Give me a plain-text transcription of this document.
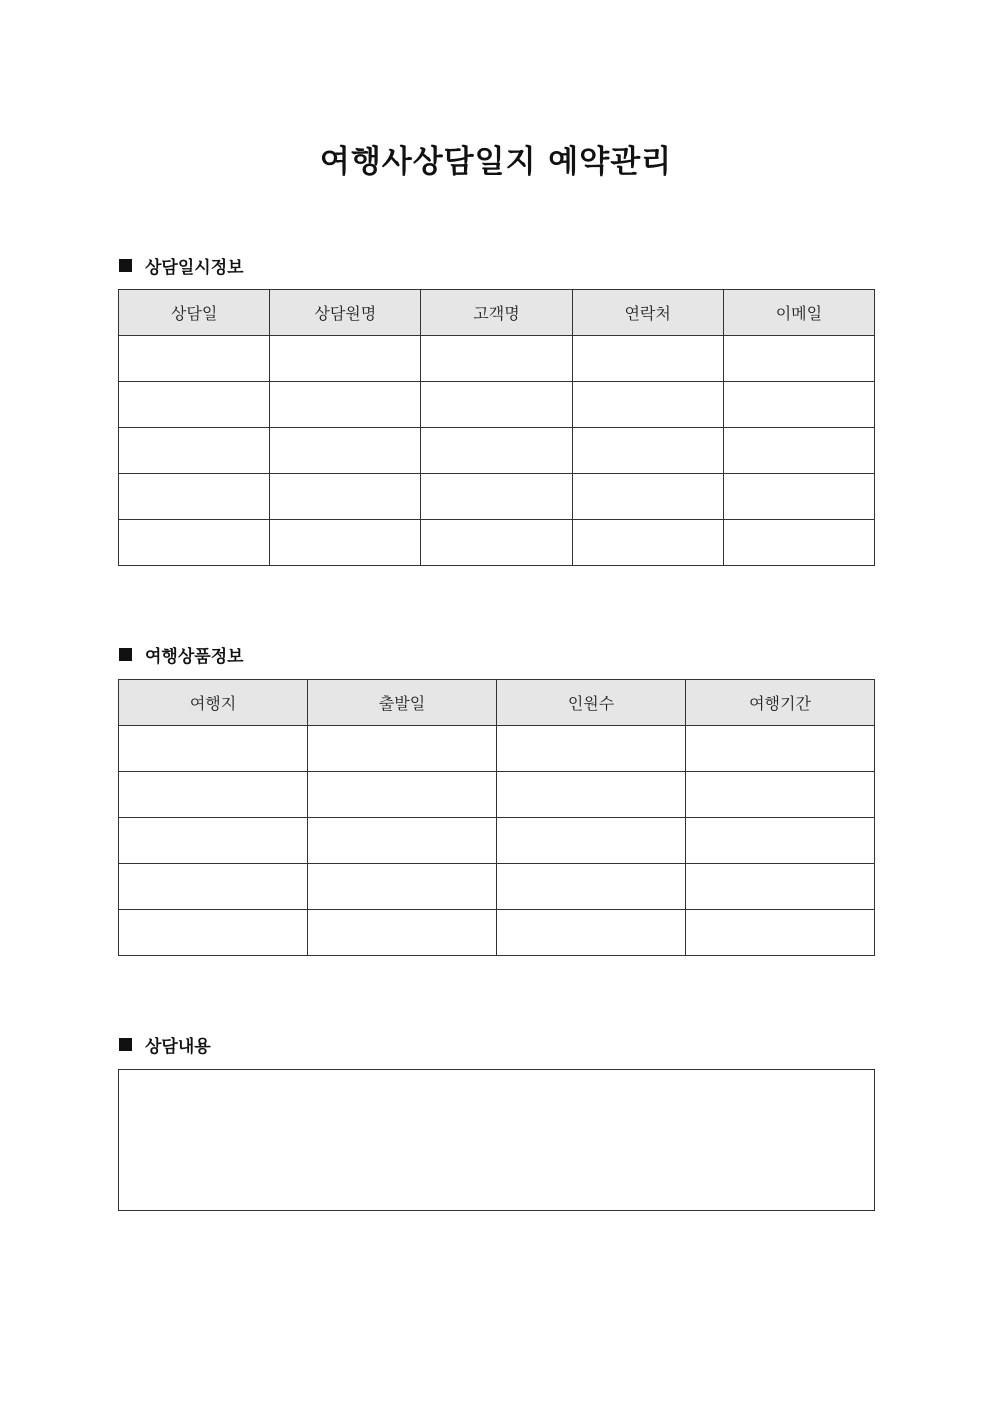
여행사상담일지 예약관리
상담일시정보
상담일	상담원명	고객명	연락처	이메일

여행상품정보
여행지	출발일	인원수	여행기간

상담내용
